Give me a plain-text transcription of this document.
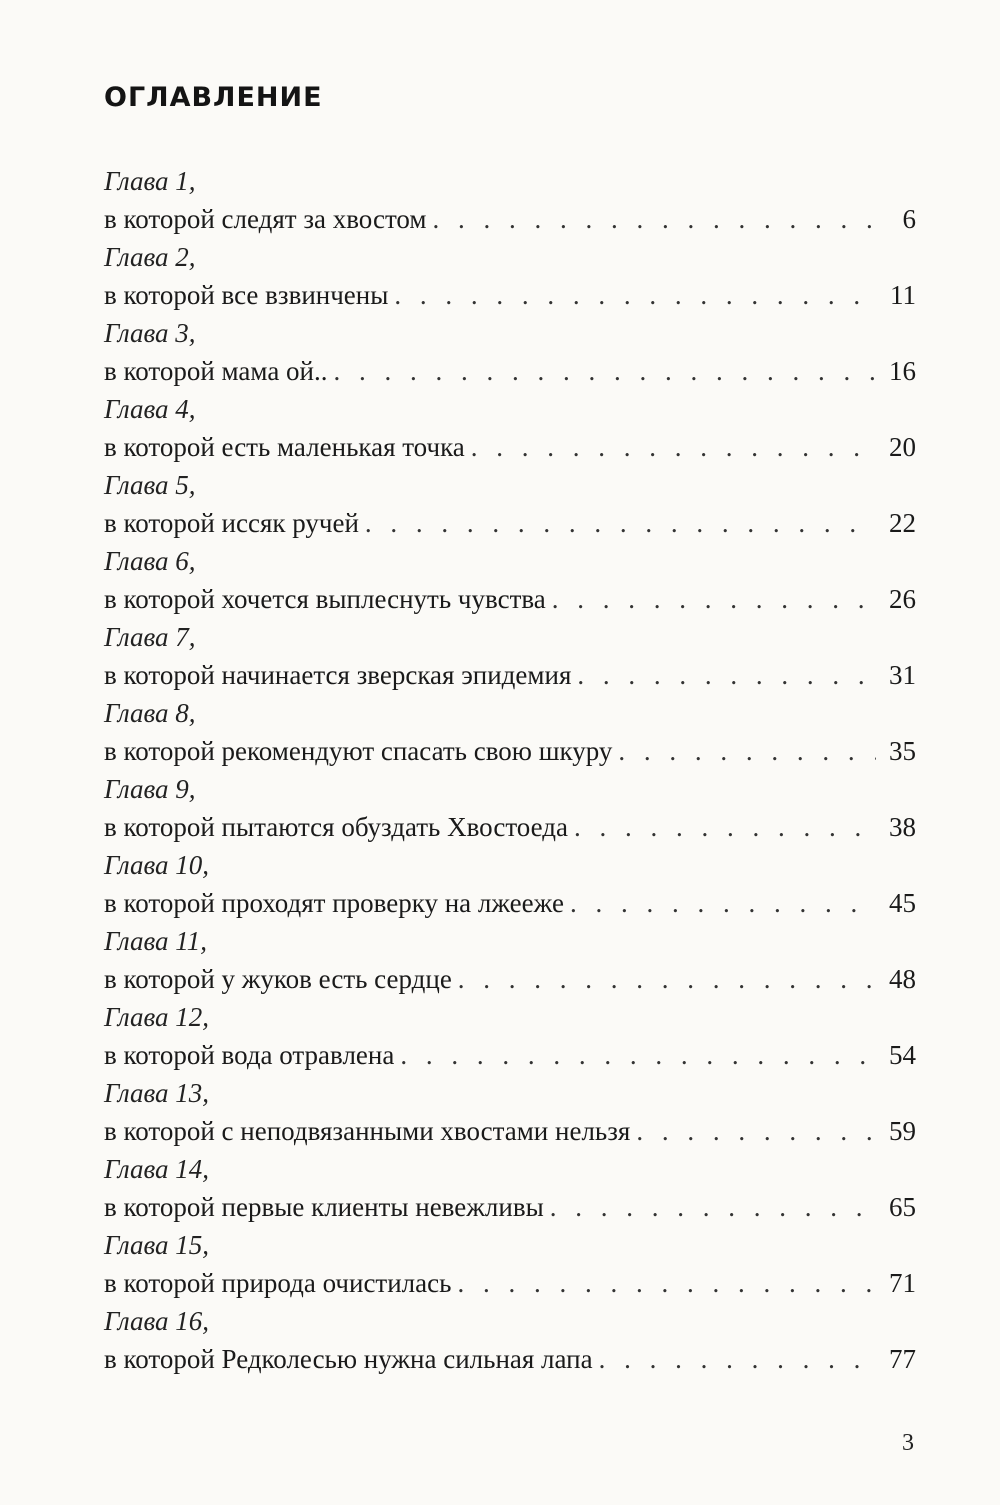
оглавление
Глава 1,
в которой следят за хвостом . . .	6
Глава 2,
в которой все взвинчены . . .	11
Глава 3,
в которой мама ой.. . . .	16
Глава 4,
в которой есть маленькая точка . . .	20
Глава 5,
в которой иссяк ручей . . .	22
Глава 6,
в которой хочется выплеснуть чувства . . .	26
Глава 7,
в которой начинается зверская эпидемия . . .	31
Глава 8,
в которой рекомендуют спасать свою шкуру . . .	35
Глава 9,
в которой пытаются обуздать Хвостоеда . . .	38
Глава 10,
в которой проходят проверку на лжееже . . .	45
Глава 11,
в которой у жуков есть сердце . . .	48
Глава 12,
в которой вода отравлена . . .	54
Глава 13,
в которой с неподвязанными хвостами нельзя . . .	59
Глава 14,
в которой первые клиенты невежливы . . .	65
Глава 15,
в которой природа очистилась . . .	71
Глава 16,
в которой Редколесью нужна сильная лапа . . .	77
3
